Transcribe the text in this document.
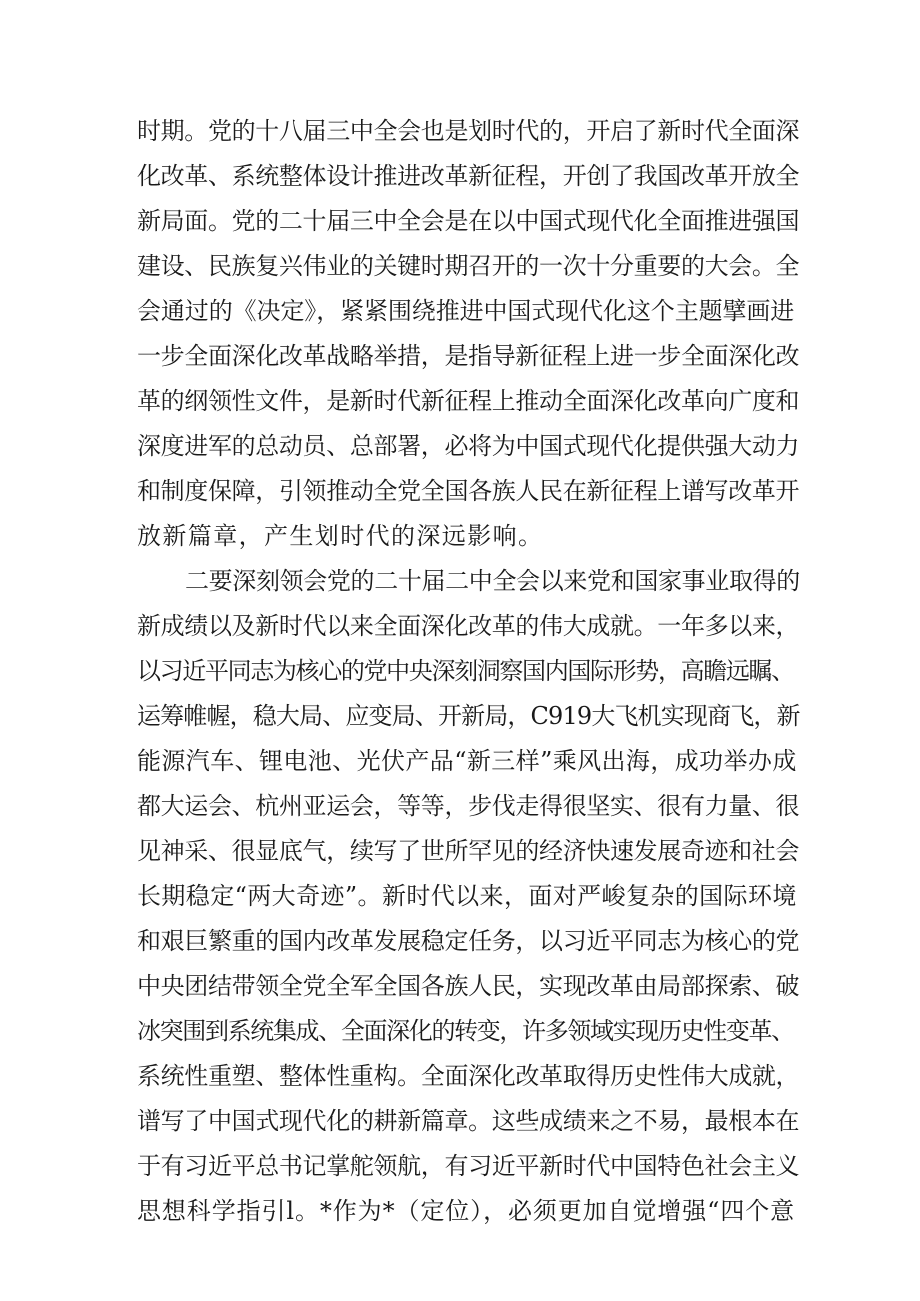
时期。党的十八届三中全会也是划时代的，开启了新时代全面深
化改革、系统整体设计推进改革新征程，开创了我国改革开放全
新局面。党的二十届三中全会是在以中国式现代化全面推进强国
建设、民族复兴伟业的关键时期召开的一次十分重要的大会。全
会通过的《决定》，紧紧围绕推进中国式现代化这个主题擘画进
一步全面深化改革战略举措，是指导新征程上进一步全面深化改
革的纲领性文件，是新时代新征程上推动全面深化改革向广度和
深度进军的总动员、总部署，必将为中国式现代化提供强大动力
和制度保障，引领推动全党全国各族人民在新征程上谱写改革开
放新篇章，产生划时代的深远影响。
二要深刻领会党的二十届二中全会以来党和国家事业取得的
新成绩以及新时代以来全面深化改革的伟大成就。一年多以来，
以习近平同志为核心的党中央深刻洞察国内国际形势，高瞻远瞩、
运筹帷幄，稳大局、应变局、开新局，C919大飞机实现商飞，新
能源汽车、锂电池、光伏产品“新三样”乘风出海，成功举办成
都大运会、杭州亚运会，等等，步伐走得很坚实、很有力量、很
见神采、很显底气，续写了世所罕见的经济快速发展奇迹和社会
长期稳定“两大奇迹”。新时代以来，面对严峻复杂的国际环境
和艰巨繁重的国内改革发展稳定任务，以习近平同志为核心的党
中央团结带领全党全军全国各族人民，实现改革由局部探索、破
冰突围到系统集成、全面深化的转变，许多领域实现历史性变革、
系统性重塑、整体性重构。全面深化改革取得历史性伟大成就，
谱写了中国式现代化的耕新篇章。这些成绩来之不易，最根本在
于有习近平总书记掌舵领航，有习近平新时代中国特色社会主义
思想科学指引l。*作为*（定位），必须更加自觉增强“四个意
